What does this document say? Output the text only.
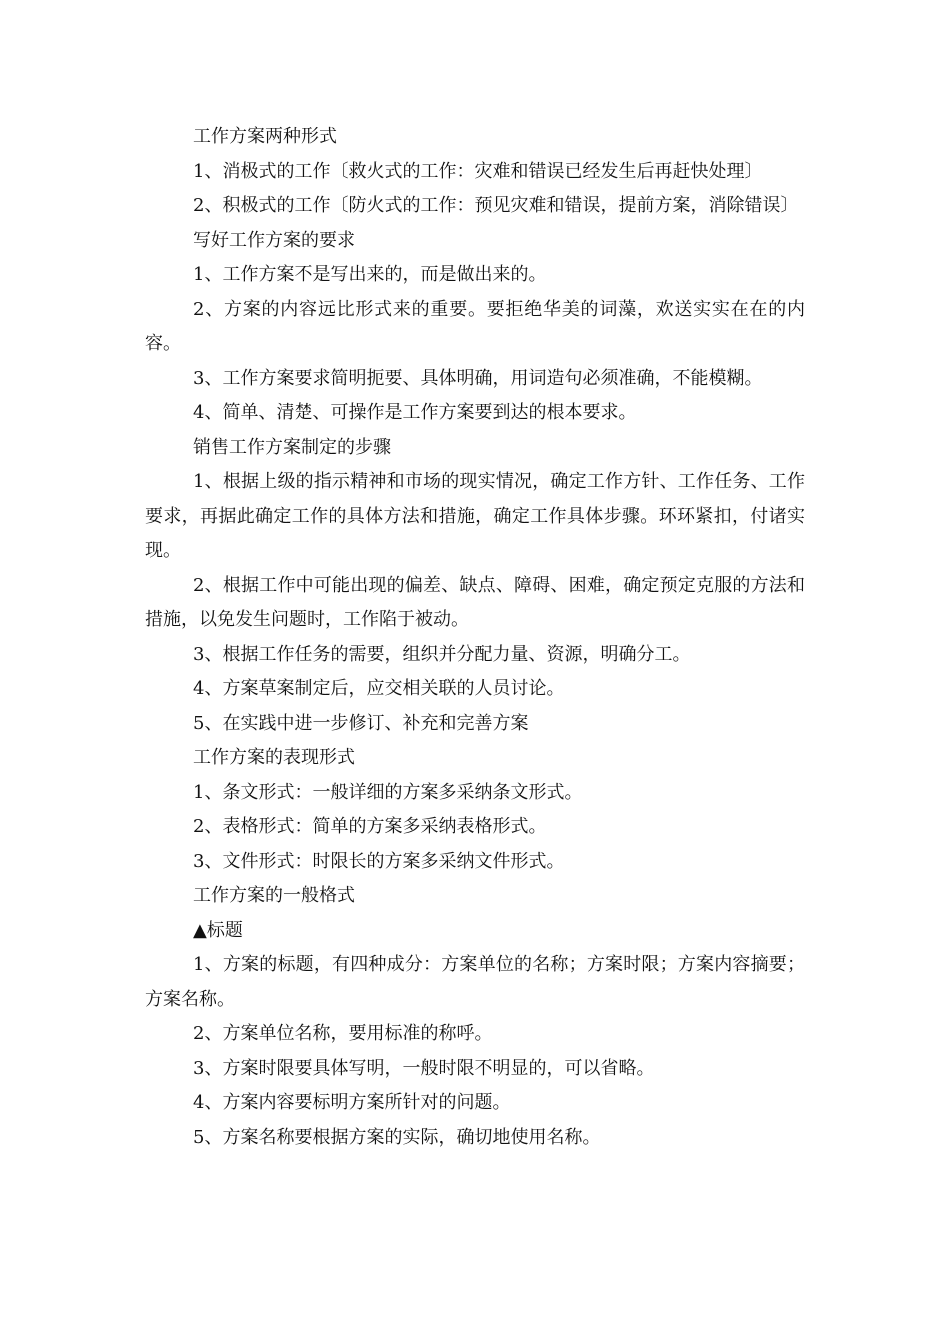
工作方案两种形式

1、消极式的工作〔救火式的工作：灾难和错误已经发生后再赶快处理〕

2、积极式的工作〔防火式的工作：预见灾难和错误，提前方案，消除错误〕

写好工作方案的要求

1、工作方案不是写出来的，而是做出来的。

2、方案的内容远比形式来的重要。要拒绝华美的词藻，欢送实实在在的内容。

3、工作方案要求简明扼要、具体明确，用词造句必须准确，不能模糊。

4、简单、清楚、可操作是工作方案要到达的根本要求。

销售工作方案制定的步骤

1、根据上级的指示精神和市场的现实情况，确定工作方针、工作任务、工作要求，再据此确定工作的具体方法和措施，确定工作具体步骤。环环紧扣，付诸实现。

2、根据工作中可能出现的偏差、缺点、障碍、困难，确定预定克服的方法和措施，以免发生问题时，工作陷于被动。

3、根据工作任务的需要，组织并分配力量、资源，明确分工。

4、方案草案制定后，应交相关联的人员讨论。

5、在实践中进一步修订、补充和完善方案

工作方案的表现形式

1、条文形式：一般详细的方案多采纳条文形式。

2、表格形式：简单的方案多采纳表格形式。

3、文件形式：时限长的方案多采纳文件形式。

工作方案的一般格式

▲标题

1、方案的标题，有四种成分：方案单位的名称；方案时限；方案内容摘要；方案名称。

2、方案单位名称，要用标准的称呼。

3、方案时限要具体写明，一般时限不明显的，可以省略。

4、方案内容要标明方案所针对的问题。

5、方案名称要根据方案的实际，确切地使用名称。
